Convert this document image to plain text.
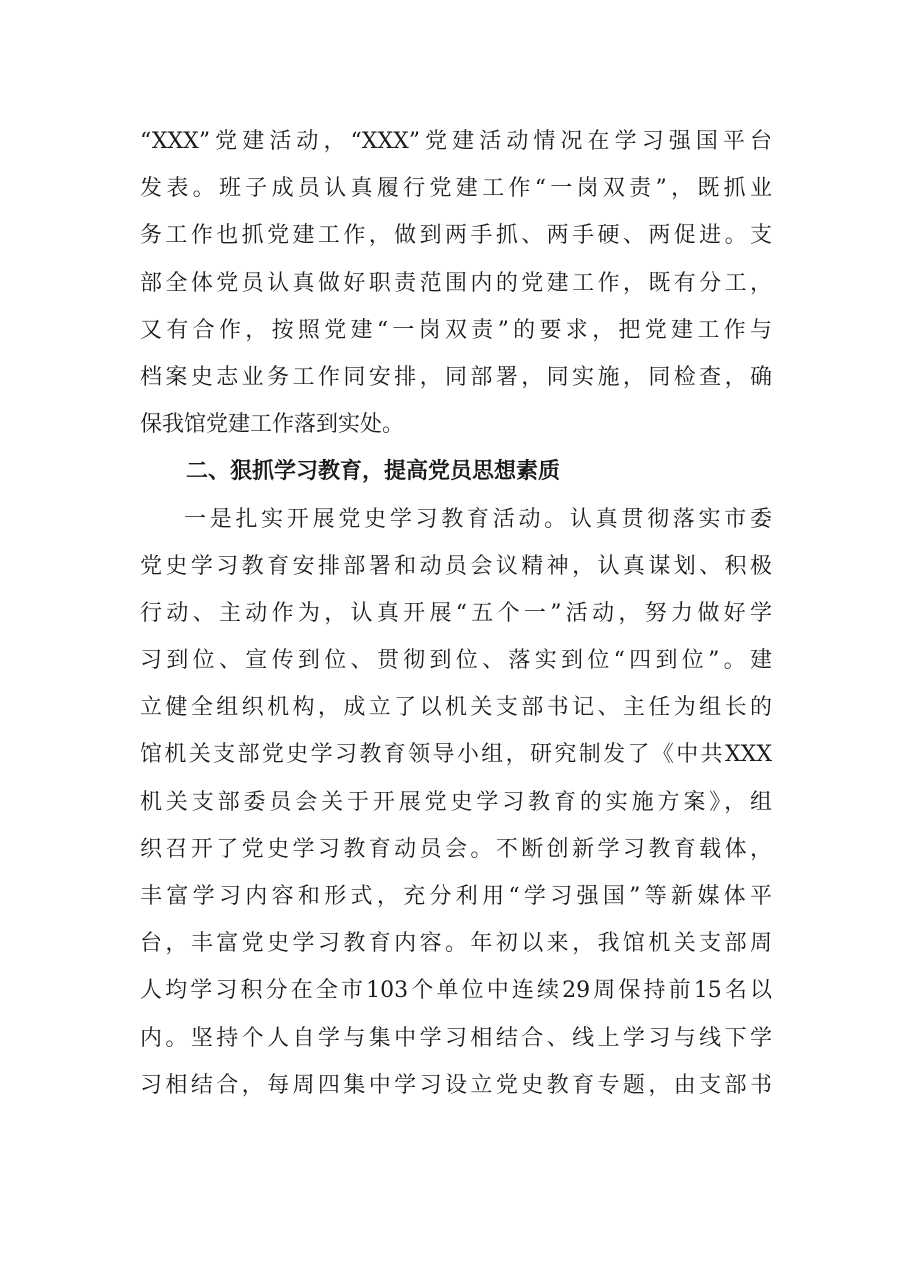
“XXX”党建活动，“XXX”党建活动情况在学习强国平台
发表。班子成员认真履行党建工作“一岗双责”，既抓业
务工作也抓党建工作，做到两手抓、两手硬、两促进。支
部全体党员认真做好职责范围内的党建工作，既有分工，
又有合作，按照党建“一岗双责”的要求，把党建工作与
档案史志业务工作同安排，同部署，同实施，同检查，确
保我馆党建工作落到实处。
二、狠抓学习教育，提高党员思想素质
一是扎实开展党史学习教育活动。认真贯彻落实市委
党史学习教育安排部署和动员会议精神，认真谋划、积极
行动、主动作为，认真开展“五个一”活动，努力做好学
习到位、宣传到位、贯彻到位、落实到位“四到位”。建
立健全组织机构，成立了以机关支部书记、主任为组长的
馆机关支部党史学习教育领导小组，研究制发了《中共XXX
机关支部委员会关于开展党史学习教育的实施方案》，组
织召开了党史学习教育动员会。不断创新学习教育载体，
丰富学习内容和形式，充分利用“学习强国”等新媒体平
台，丰富党史学习教育内容。年初以来，我馆机关支部周
人均学习积分在全市103个单位中连续29周保持前15名以
内。坚持个人自学与集中学习相结合、线上学习与线下学
习相结合，每周四集中学习设立党史教育专题，由支部书
